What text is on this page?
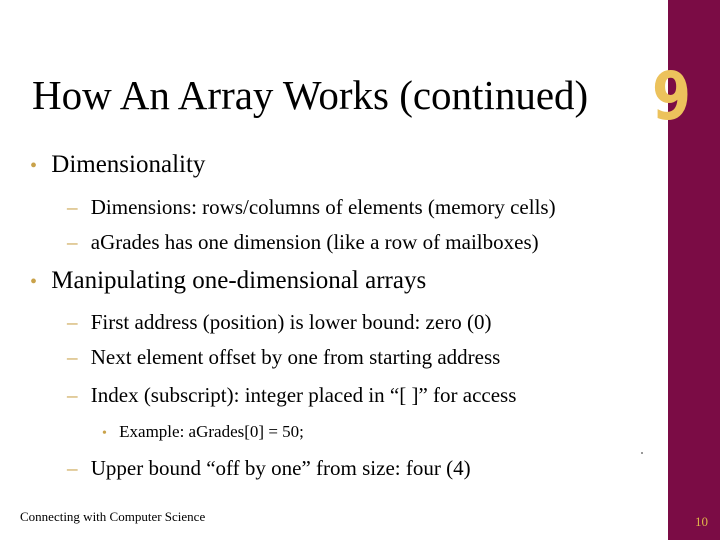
How An Array Works (continued) 9
• Dimensionality
– Dimensions: rows/columns of elements (memory cells)
– aGrades has one dimension (like a row of mailboxes)
• Manipulating one-dimensional arrays
– First address (position) is lower bound: zero (0)
– Next element offset by one from starting address
– Index (subscript): integer placed in “[ ]” for access
• Example: aGrades[0] = 50;
– Upper bound “off by one” from size: four (4)
Connecting with Computer Science	10
